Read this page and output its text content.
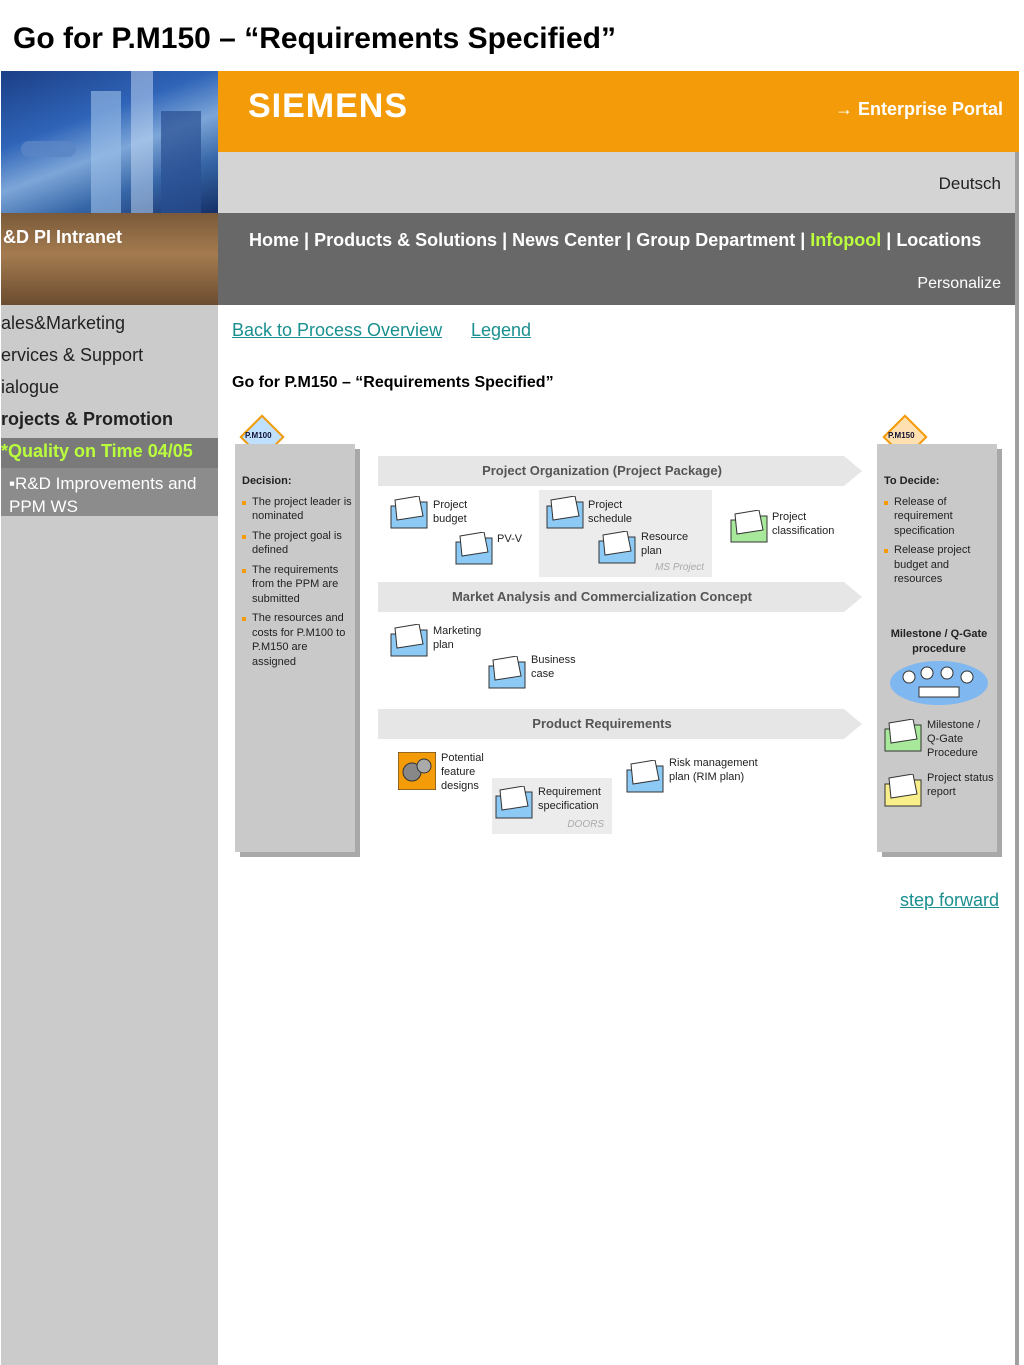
Go for P.M150 – “Requirements Specified”
&D PI Intranet
ales&Marketing
ervices & Support
ialogue
rojects & Promotion
*Quality on Time 04/05
▪R&D Improvements and PPM WS
SIEMENS	→ Enterprise Portal
Deutsch
Home | Products & Solutions | News Center | Group Department | Infopool | Locations
Personalize
Back to Process Overview Legend
Go for P.M150 – “Requirements Specified”
P.M100	P.M150
Decision:
The project leader is nominated
The project goal is defined
The requirements from the PPM are submitted
The resources and costs for P.M100 to P.M150 are assigned
To Decide:
Release of requirement specification
Release project budget and resources
Milestone / Q-Gate procedure
Milestone / Q-Gate Procedure
Project status report
Project Organization (Project Package)
Market Analysis and Commercialization Concept
Product Requirements
MS Project
DOORS
Project budget
PV-V
Project schedule
Resource plan
Project classification
Marketing plan
Business case
Potential feature designs	Requirement specification
Risk management plan (RIM plan)
step forward
